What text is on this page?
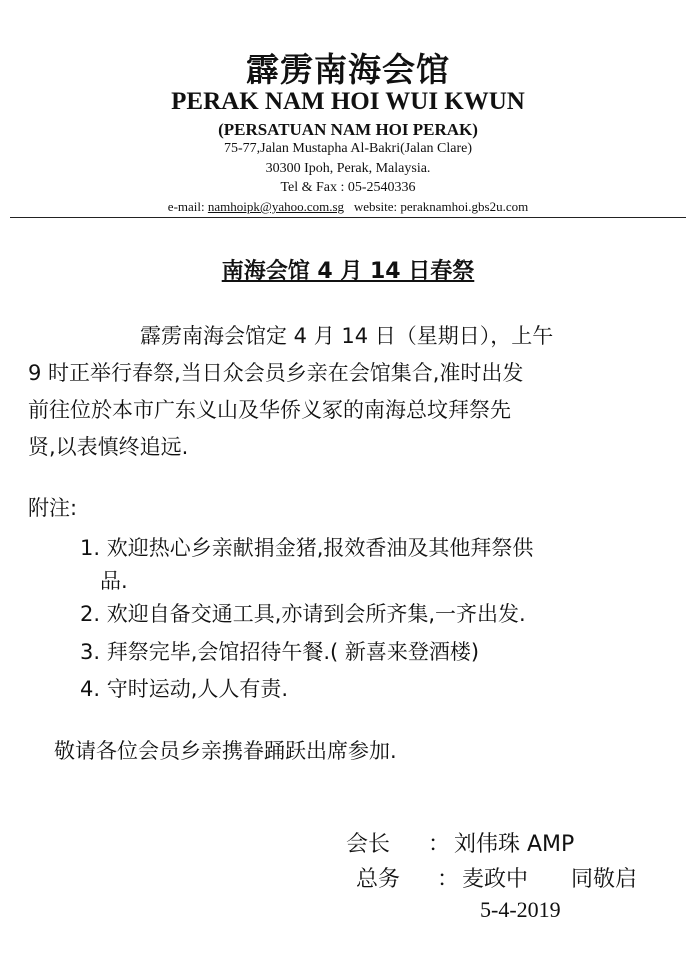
霹雳南海会馆
PERAK NAM HOI WUI KWUN
(PERSATUAN NAM HOI PERAK)
75-77,Jalan Mustapha Al-Bakri(Jalan Clare)
30300 Ipoh, Perak, Malaysia.
Tel & Fax : 05-2540336
e-mail: namhoipk@yahoo.com.sg website: peraknamhoi.gbs2u.com
南海会馆 4 月 14 日春祭
霹雳南海会馆定 4 月 14 日（星期日），上午
9 时正举行春祭,当日众会员乡亲在会馆集合,准时出发
前往位於本市广东义山及华侨义冢的南海总坟拜祭先
贤,以表慎终追远.
附注:
1. 欢迎热心乡亲献捐金猪,报效香油及其他拜祭供
品.
2. 欢迎自备交通工具,亦请到会所齐集,一齐出发.
3. 拜祭完毕,会馆招待午餐.( 新喜来登酒楼)
4. 守时运动,人人有责.
敬请各位会员乡亲携眷踊跃出席参加.
会长 ： 刘伟珠 AMP
总务 ： 麦政中 同敬启
5-4-2019
